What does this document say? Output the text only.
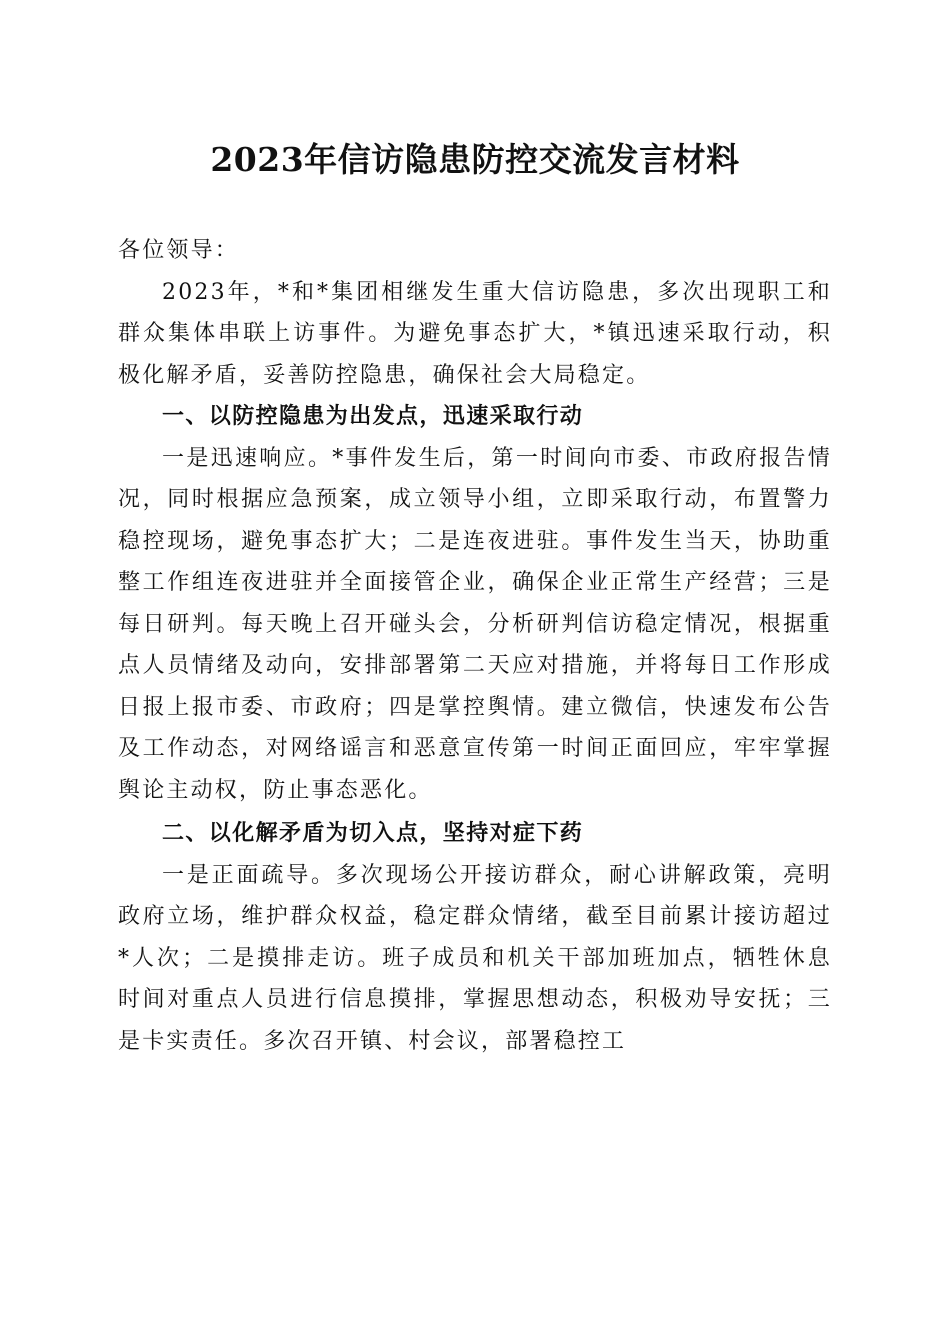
2023年信访隐患防控交流发言材料

各位领导：

2023年，*和*集团相继发生重大信访隐患，多次出现职工和群众集体串联上访事件。为避免事态扩大，*镇迅速采取行动，积极化解矛盾，妥善防控隐患，确保社会大局稳定。

一、以防控隐患为出发点，迅速采取行动

一是迅速响应。*事件发生后，第一时间向市委、市政府报告情况，同时根据应急预案，成立领导小组，立即采取行动，布置警力稳控现场，避免事态扩大；二是连夜进驻。事件发生当天，协助重整工作组连夜进驻并全面接管企业，确保企业正常生产经营；三是每日研判。每天晚上召开碰头会，分析研判信访稳定情况，根据重点人员情绪及动向，安排部署第二天应对措施，并将每日工作形成日报上报市委、市政府；四是掌控舆情。建立微信，快速发布公告及工作动态，对网络谣言和恶意宣传第一时间正面回应，牢牢掌握舆论主动权，防止事态恶化。

二、以化解矛盾为切入点，坚持对症下药

一是正面疏导。多次现场公开接访群众，耐心讲解政策，亮明政府立场，维护群众权益，稳定群众情绪，截至目前累计接访超过*人次；二是摸排走访。班子成员和机关干部加班加点，牺牲休息时间对重点人员进行信息摸排，掌握思想动态，积极劝导安抚；三是卡实责任。多次召开镇、村会议，部署稳控工
